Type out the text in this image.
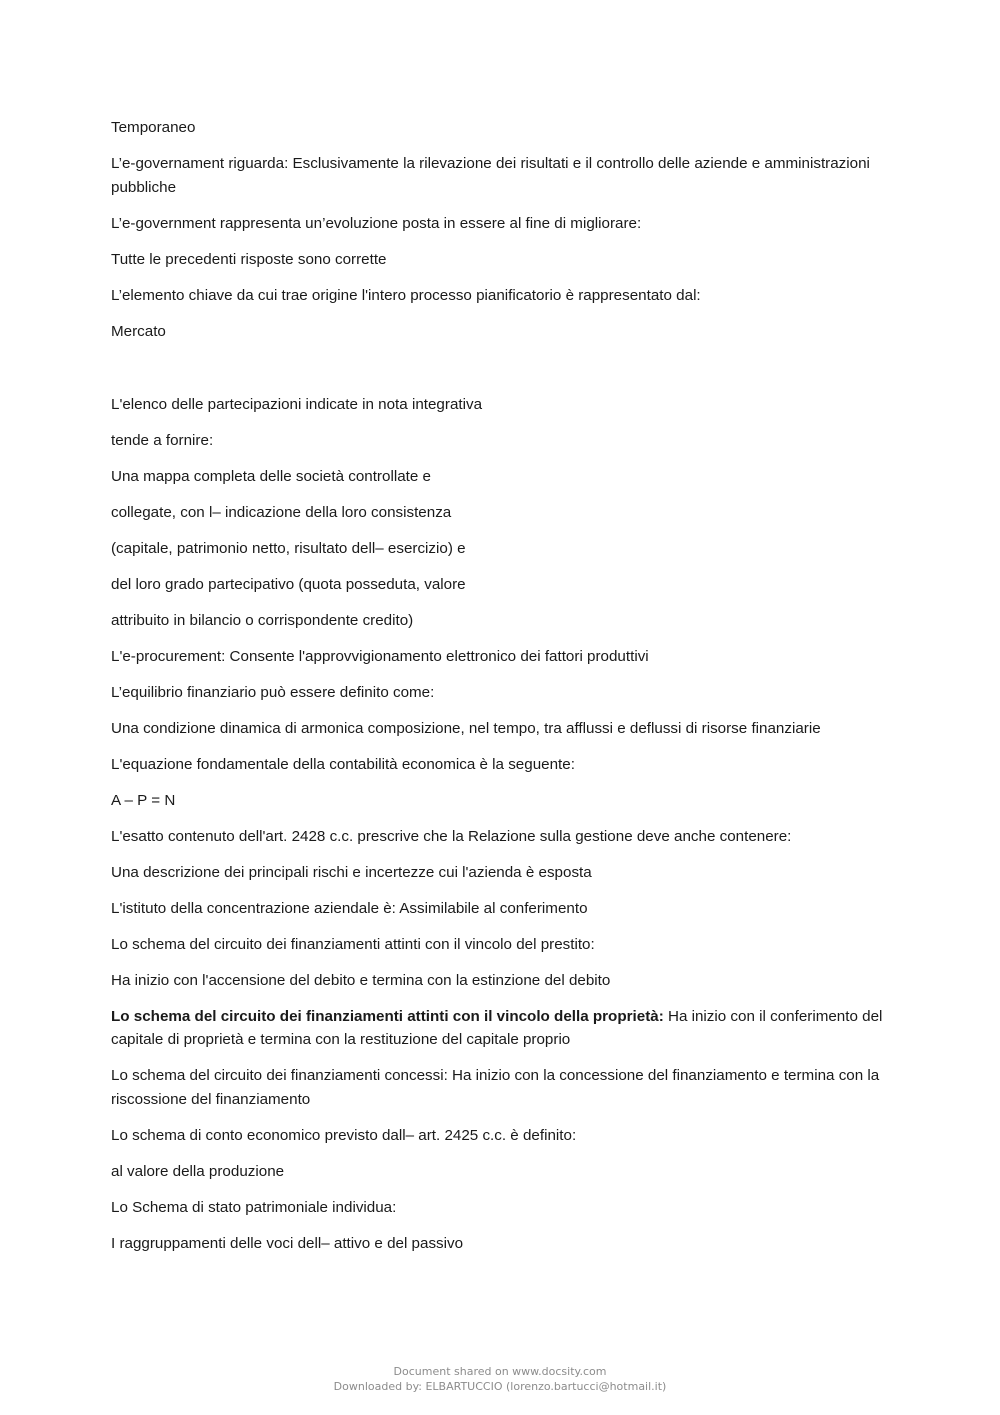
Temporaneo

L’e-governament riguarda: Esclusivamente la rilevazione dei risultati e il controllo delle aziende e amministrazioni pubbliche

L’e-government rappresenta un’evoluzione posta in essere al fine di migliorare:

Tutte le precedenti risposte sono corrette

L’elemento chiave da cui trae origine l'intero processo pianificatorio è rappresentato dal:

Mercato

L'elenco delle partecipazioni indicate in nota integrativa

tende a fornire:

Una mappa completa delle società controllate e

collegate, con l– indicazione della loro consistenza

(capitale, patrimonio netto, risultato dell– esercizio) e

del loro grado partecipativo (quota posseduta, valore

attribuito in bilancio o corrispondente credito)

L'e-procurement: Consente l'approvvigionamento elettronico dei fattori produttivi

L’equilibrio finanziario può essere definito come:

Una condizione dinamica di armonica composizione, nel tempo, tra afflussi e deflussi di risorse finanziarie

L'equazione fondamentale della contabilità economica è la seguente:

A – P = N

L'esatto contenuto dell'art. 2428 c.c. prescrive che la Relazione sulla gestione deve anche contenere:

Una descrizione dei principali rischi e incertezze cui l'azienda è esposta

L'istituto della concentrazione aziendale è: Assimilabile al conferimento

Lo schema del circuito dei finanziamenti attinti con il vincolo del prestito:

Ha inizio con l'accensione del debito e termina con la estinzione del debito

Lo schema del circuito dei finanziamenti attinti con il vincolo della proprietà: Ha inizio con il conferimento del capitale di proprietà e termina con la restituzione del capitale proprio

Lo schema del circuito dei finanziamenti concessi: Ha inizio con la concessione del finanziamento e termina con la riscossione del finanziamento

Lo schema di conto economico previsto dall– art. 2425 c.c. è definito:

al valore della produzione

Lo Schema di stato patrimoniale individua:

I raggruppamenti delle voci dell– attivo e del passivo

Document shared on www.docsity.com
Downloaded by: ELBARTUCCIO (lorenzo.bartucci@hotmail.it)
